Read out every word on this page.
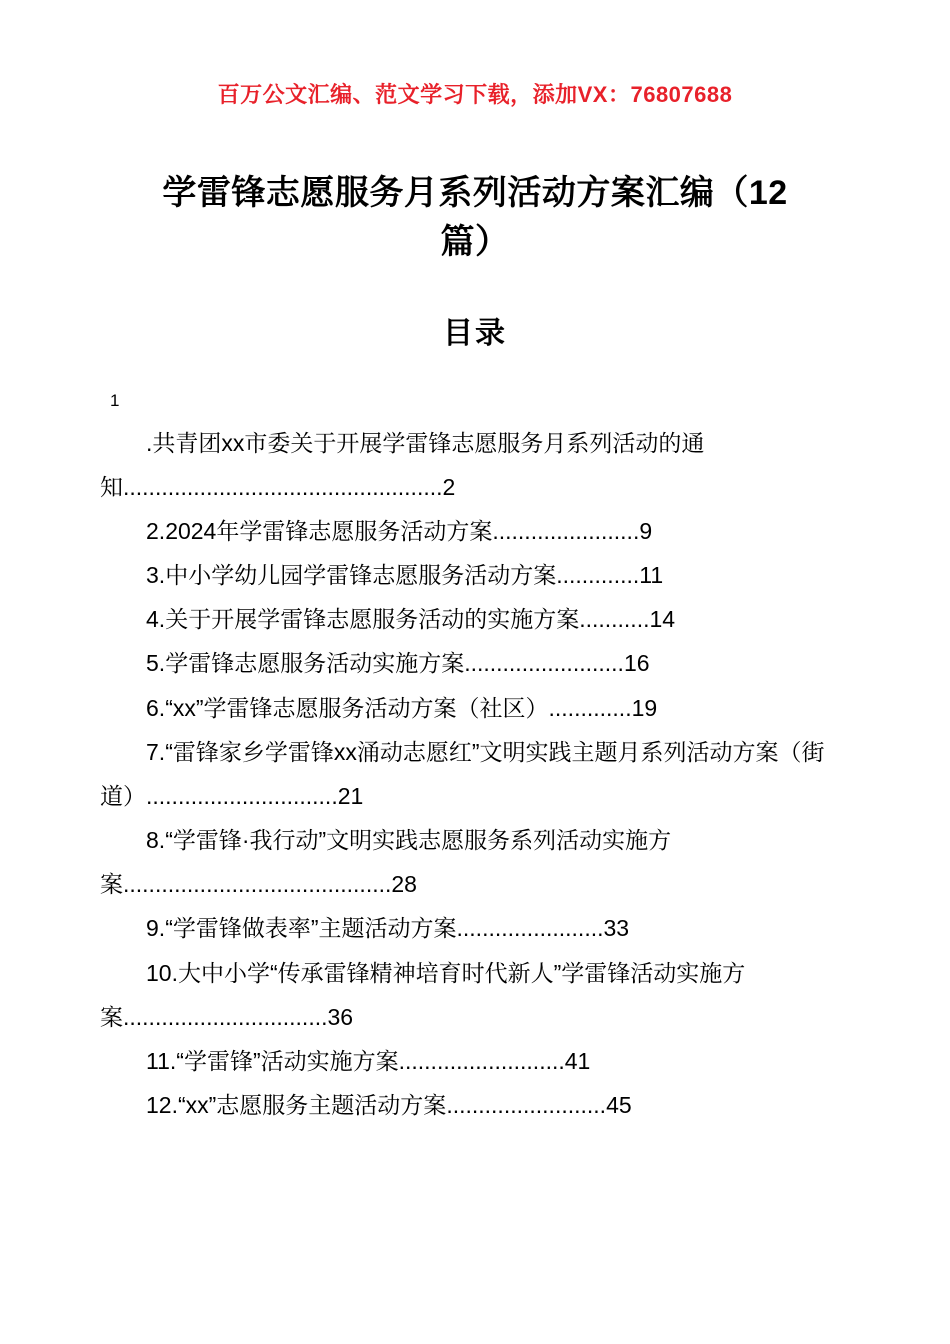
百万公文汇编、范文学习下载，添加VX：76807688
学雷锋志愿服务月系列活动方案汇编（12篇）
目录
1
.共青团xx市委关于开展学雷锋志愿服务月系列活动的通知..................................................2
2.2024年学雷锋志愿服务活动方案.......................9
3.中小学幼儿园学雷锋志愿服务活动方案.............11
4.关于开展学雷锋志愿服务活动的实施方案...........14
5.学雷锋志愿服务活动实施方案.........................16
6.“xx”学雷锋志愿服务活动方案（社区）.............19
7.“雷锋家乡学雷锋xx涌动志愿红”文明实践主题月系列活动方案（街道）..............................21
8.“学雷锋·我行动”文明实践志愿服务系列活动实施方案..........................................28
9.“学雷锋做表率”主题活动方案.......................33
10.大中小学“传承雷锋精神培育时代新人”学雷锋活动实施方案................................36
11.“学雷锋”活动实施方案..........................41
12.“xx”志愿服务主题活动方案.........................45
